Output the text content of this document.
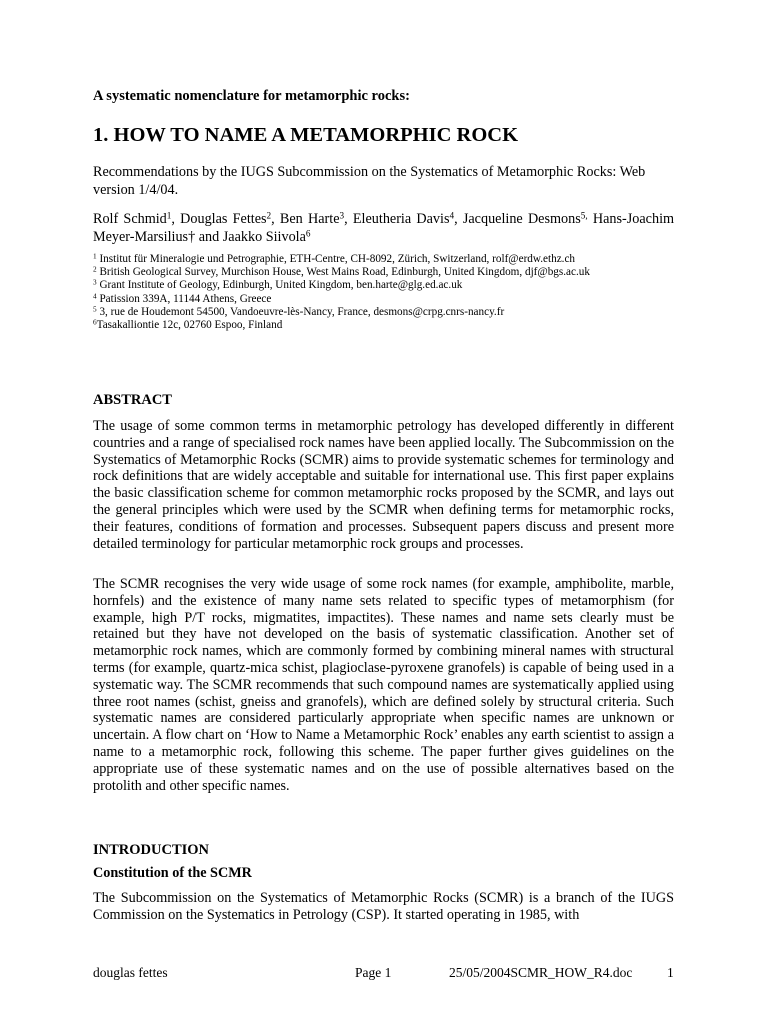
A systematic nomenclature for metamorphic rocks:
1. HOW TO NAME A METAMORPHIC ROCK
Recommendations by the IUGS Subcommission on the Systematics of Metamorphic Rocks: Web version 1/4/04.
Rolf Schmid$^1$, Douglas Fettes$^2$, Ben Harte$^3$, Eleutheria Davis$^4$, Jacqueline Desmons$^{5,}$ Hans-Joachim Meyer-Marsilius† and Jaakko Siivola$^6$
$^1$ Institut für Mineralogie und Petrographie, ETH-Centre, CH-8092, Zürich, Switzerland, rolf@erdw.ethz.ch
$^2$ British Geological Survey, Murchison House, West Mains Road, Edinburgh, United Kingdom, djf@bgs.ac.uk
$^3$ Grant Institute of Geology, Edinburgh, United Kingdom, ben.harte@glg.ed.ac.uk
$^4$ Patission 339A, 11144 Athens, Greece
$^5$ 3, rue de Houdemont 54500, Vandoeuvre-lès-Nancy, France, desmons@crpg.cnrs-nancy.fr
$^6$Tasakalliontie 12c, 02760 Espoo, Finland
ABSTRACT
The usage of some common terms in metamorphic petrology has developed differently in different countries and a range of specialised rock names have been applied locally. The Subcommission on the Systematics of Metamorphic Rocks (SCMR) aims to provide systematic schemes for terminology and rock definitions that are widely acceptable and suitable for international use. This first paper explains the basic classification scheme for common metamorphic rocks proposed by the SCMR, and lays out the general principles which were used by the SCMR when defining terms for metamorphic rocks, their features, conditions of formation and processes. Subsequent papers discuss and present more detailed terminology for particular metamorphic rock groups and processes.
The SCMR recognises the very wide usage of some rock names (for example, amphibolite, marble, hornfels) and the existence of many name sets related to specific types of metamorphism (for example, high P/T rocks, migmatites, impactites). These names and name sets clearly must be retained but they have not developed on the basis of systematic classification. Another set of metamorphic rock names, which are commonly formed by combining mineral names with structural terms (for example, quartz-mica schist, plagioclase-pyroxene granofels) is capable of being used in a systematic way. The SCMR recommends that such compound names are systematically applied using three root names (schist, gneiss and granofels), which are defined solely by structural criteria. Such systematic names are considered particularly appropriate when specific names are unknown or uncertain. A flow chart on ‘How to Name a Metamorphic Rock’ enables any earth scientist to assign a name to a metamorphic rock, following this scheme. The paper further gives guidelines on the appropriate use of these systematic names and on the use of possible alternatives based on the protolith and other specific names.
INTRODUCTION
Constitution of the SCMR
The Subcommission on the Systematics of Metamorphic Rocks (SCMR) is a branch of the IUGS Commission on the Systematics in Petrology (CSP). It started operating in 1985, with
douglas fettes	Page 1	25/05/2004SCMR_HOW_R4.doc	1
